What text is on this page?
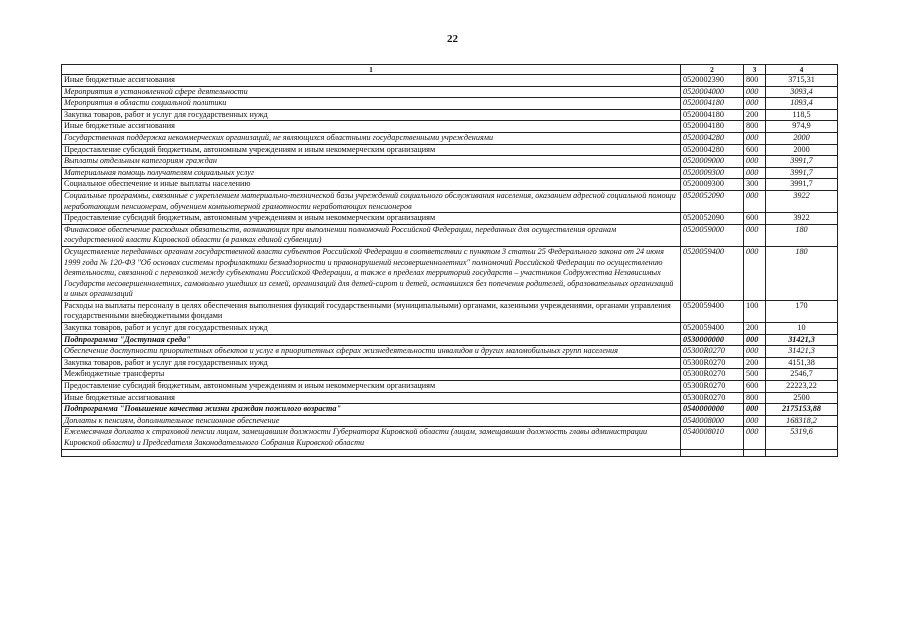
22
1	2	3	4
Иные бюджетные ассигнования	0520002390	800	3715,31
Мероприятия в установленной сфере деятельности	0520004000	000	3093,4
Мероприятия в области социальной политики	0520004180	000	1093,4
Закупка товаров, работ и услуг для государственных нужд	0520004180	200	118,5
Иные бюджетные ассигнования	0520004180	800	974,9
Государственная поддержка некоммерческих организаций, не являющихся областными государственными учреждениями	0520004280	000	2000
Предоставление субсидий бюджетным, автономным учреждениям и иным некоммерческим организациям	0520004280	600	2000
Выплаты отдельным категориям граждан	0520009000	000	3991,7
Материальная помощь получателям социальных услуг	0520009300	000	3991,7
Социальное обеспечение и иные выплаты населению	0520009300	300	3991,7
Социальные программы, связанные с укреплением материально-технической базы учреждений социального обслуживания населения, оказанием адресной социальной помощи неработающим пенсионерам, обучением компьютерной грамотности неработающих пенсионеров	0520052090	000	3922
Предоставление субсидий бюджетным, автономным учреждениям и иным некоммерческим организациям	0520052090	600	3922
Финансовое обеспечение расходных обязательств, возникающих при выполнении полномочий Российской Федерации, переданных для осуществления органам государственной власти Кировской области (в рамках единой субвенции)	0520059000	000	180
Осуществление переданных органам государственной власти субъектов Российской Федерации в соответствии с пунктом 3 статьи 25 Федерального закона от 24 июня 1999 года № 120-ФЗ "Об основах системы профилактики безнадзорности и правонарушений несовершеннолетних" полномочий Российской Федерации по осуществлению деятельности, связанной с перевозкой между субъектами Российской Федерации, а также в пределах территорий государств – участников Содружества Независимых Государств несовершеннолетних, самовольно ушедших из семей, организаций для детей-сирот и детей, оставшихся без попечения родителей, образовательных организаций и иных организаций	0520059400	000	180
Расходы на выплаты персоналу в целях обеспечения выполнения функций государственными (муниципальными) органами, казенными учреждениями, органами управления государственными внебюджетными фондами	0520059400	100	170
Закупка товаров, работ и услуг для государственных нужд	0520059400	200	10
Подпрограмма "Доступная среда"	0530000000	000	31421,3
Обеспечение доступности приоритетных объектов и услуг в приоритетных сферах жизнедеятельности инвалидов и других маломобильных групп населения	05300R0270	000	31421,3
Закупка товаров, работ и услуг для государственных нужд	05300R0270	200	4151,38
Межбюджетные трансферты	05300R0270	500	2546,7
Предоставление субсидий бюджетным, автономным учреждениям и иным некоммерческим организациям	05300R0270	600	22223,22
Иные бюджетные ассигнования	05300R0270	800	2500
Подпрограмма "Повышение качества жизни граждан пожилого возраста"	0540000000	000	2175153,88
Доплаты к пенсиям, дополнительное пенсионное обеспечение	0540008000	000	168318,2
Ежемесячная доплата к страховой пенсии лицам, замещавшим должности Губернатора Кировской области (лицам, замещавшим должность главы администрации Кировской области) и Председателя Законодательного Собрания Кировской области	0540008010	000	5319,6
